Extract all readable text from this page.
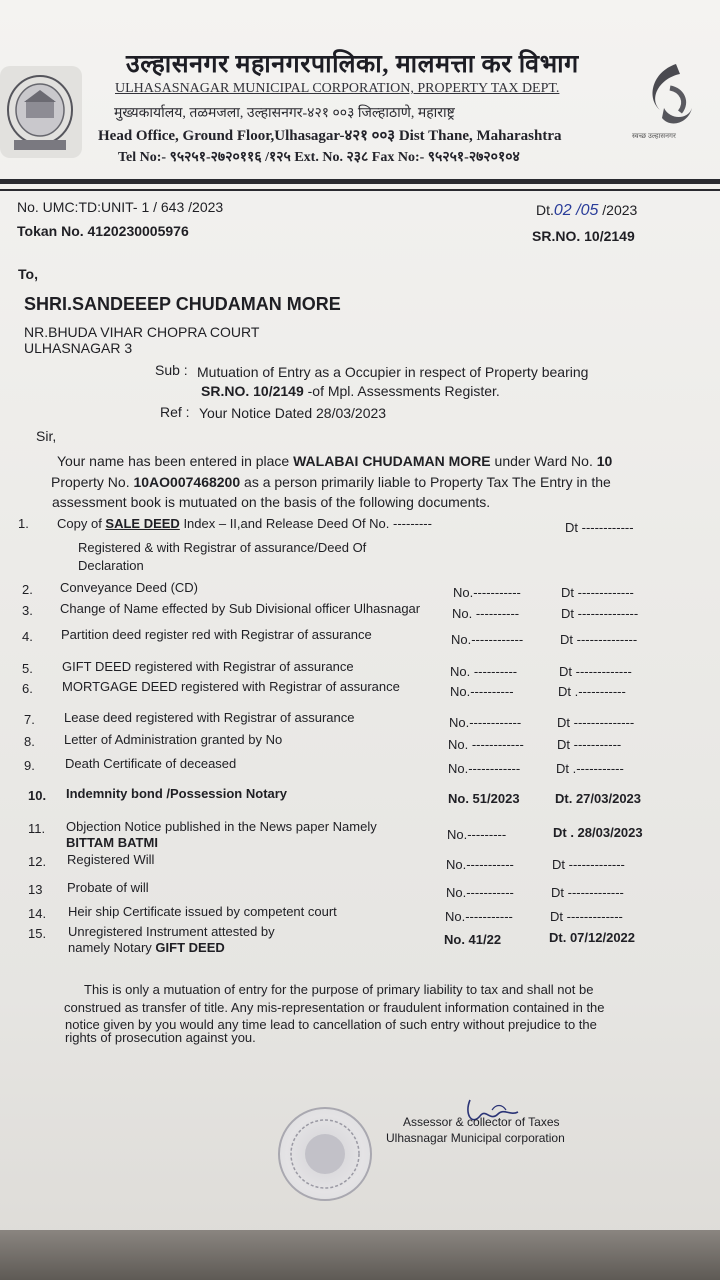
स्वच्छ उल्हासनगर
उल्हासनगर महानगरपालिका, मालमत्ता कर विभाग
ULHASASNAGAR MUNICIPAL CORPORATION, PROPERTY TAX DEPT.
मुख्यकार्यालय, तळमजला, उल्हासनगर-४२१ ००३ जिल्हाठाणे, महाराष्ट्र
Head Office, Ground Floor,Ulhasagar-४२१ ००३ Dist Thane, Maharashtra
Tel No:- ९५२५१-२७२०११६ /१२५ Ext. No. २३८ Fax No:- ९५२५१-२७२०१०४
No. UMC:TD:UNIT- 1 / 643 /2023	Dt.02 /05 /2023
Tokan No. 4120230005976	SR.NO. 10/2149
To,
SHRI.SANDEEEP CHUDAMAN MORE
NR.BHUDA VIHAR CHOPRA COURT
ULHASNAGAR 3
Sub : Mutuation of Entry as a Occupier in respect of Property bearing
SR.NO. 10/2149 -of Mpl. Assessments Register.
Ref : Your Notice Dated 28/03/2023
Sir,
Your name has been entered in place WALABAI CHUDAMAN MORE under Ward No. 10
Property No. 10AO007468200 as a person primarily liable to Property Tax The Entry in the
assessment book is mutuated on the basis of the following documents.
1. Copy of SALE DEED Index – II,and Release Deed Of No. ---------	Dt ------------
Registered & with Registrar of assurance/Deed Of
Declaration
2. Conveyance Deed (CD)	No.-----------	Dt -------------
3. Change of Name effected by Sub Divisional officer Ulhasnagar No. ----------	Dt --------------
4. Partition deed register red with Registrar of assurance	No.------------	Dt --------------
5. GIFT DEED registered with Registrar of assurance	No. ----------	Dt -------------
6. MORTGAGE DEED registered with Registrar of assurance	No.----------	Dt .-----------
7. Lease deed registered with Registrar of assurance	No.------------	Dt --------------
8. Letter of Administration granted by No	No. ------------	Dt -----------
9. Death Certificate of deceased	No.------------	Dt .-----------
10. Indemnity bond /Possession Notary	No. 51/2023	Dt. 27/03/2023
11. Objection Notice published in the News paper Namely
BITTAM BATMI
No.---------	Dt . 28/03/2023
12. Registered Will	No.-----------	Dt -------------
13 Probate of will	No.-----------	Dt -------------
14. Heir ship Certificate issued by competent court	No.-----------	Dt -------------
15. Unregistered Instrument attested by
namely Notary GIFT DEED
No. 41/22	Dt. 07/12/2022
This is only a mutuation of entry for the purpose of primary liability to tax and shall not be
construed as transfer of title. Any mis-representation or fraudulent information contained in the
notice given by you would any time lead to cancellation of such entry without prejudice to the
rights of prosecution against you.
Assessor & collector of Taxes
Ulhasnagar Municipal corporation
